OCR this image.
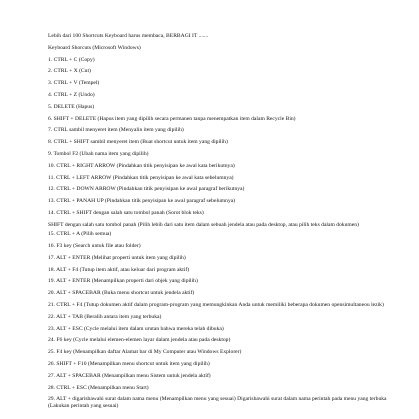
Lebih dari 100 Shortcuts Keyboard harus membaca, BERBAGI IT .......

Keyboard Shorcuts (Microsoft Windows)

1. CTRL + C (Copy)

2. CTRL + X (Cut)

3. CTRL + V (Tempel)

4. CTRL + Z (Undo)

5. DELETE (Hapus)

6. SHIFT + DELETE (Hapus item yang dipilih secara permanen tanpa menempatkan item dalam Recycle Bin)

7. CTRL sambil menyeret item (Menyalin item yang dipilih)

8. CTRL + SHIFT sambil menyeret item (Buat shortcut untuk item yang dipilih)

9. Tombol F2 (Ubah nama item yang dipilih)

10. CTRL + RIGHT ARROW (Pindahkan titik penyisipan ke awal kata berikutnya)

11. CTRL + LEFT ARROW (Pindahkan titik penyisipan ke awal kata sebelumnya)

12. CTRL + DOWN ARROW (Pindahkan titik penyisipan ke awal paragraf berikutnya)

13. CTRL + PANAH UP (Pindahkan titik penyisipan ke awal paragraf sebelumnya)

14. CTRL + SHIFT dengan salah satu tombol panah (Sorot blok teks)

SHIFT dengan salah satu tombol panah (Pilih lebih dari satu item dalam sebuah jendela atau pada desktop, atau pilih teks dalam dokumen)

15. CTRL + A (Pilih semua)

16. F3 key (Search untuk file atau folder)

17. ALT + ENTER (Melihat properti untuk item yang dipilih)

18. ALT + F4 (Tutup item aktif, atau keluar dari program aktif)

19. ALT + ENTER (Menampilkan properti dari objek yang dipilih)

20. ALT + SPACEBAR (Buka menu shortcut untuk jendela aktif)

21. CTRL + F4 (Tutup dokumen aktif dalam program-program yang memungkinkan Anda untuk memiliki beberapa dokumen opensimultaneou lezik)

22. ALT + TAB (Beralih antara item yang terbuka)

23. ALT + ESC (Cycle melalui item dalam urutan bahwa mereka telah dibuka)

24. F6 key (Cycle melalui elemen-elemen layar dalam jendela atau pada desktop)

25. F4 key (Menampilkan daftar Alamat bar di My Computer atau Windows Explorer)

26. SHIFT + F10 (Menampilkan menu shortcut untuk item yang dipilih)

27. ALT + SPACEBAR (Menampilkan menu Sistem untuk jendela aktif)

28. CTRL + ESC (Menampilkan menu Start)

29. ALT + digarisbawahi surat dalam nama menu (Menampilkan menu yang sesuai) Digarisbawahi surat dalam nama perintah pada menu yang terbuka (Lakukan perintah yang sesuai)
